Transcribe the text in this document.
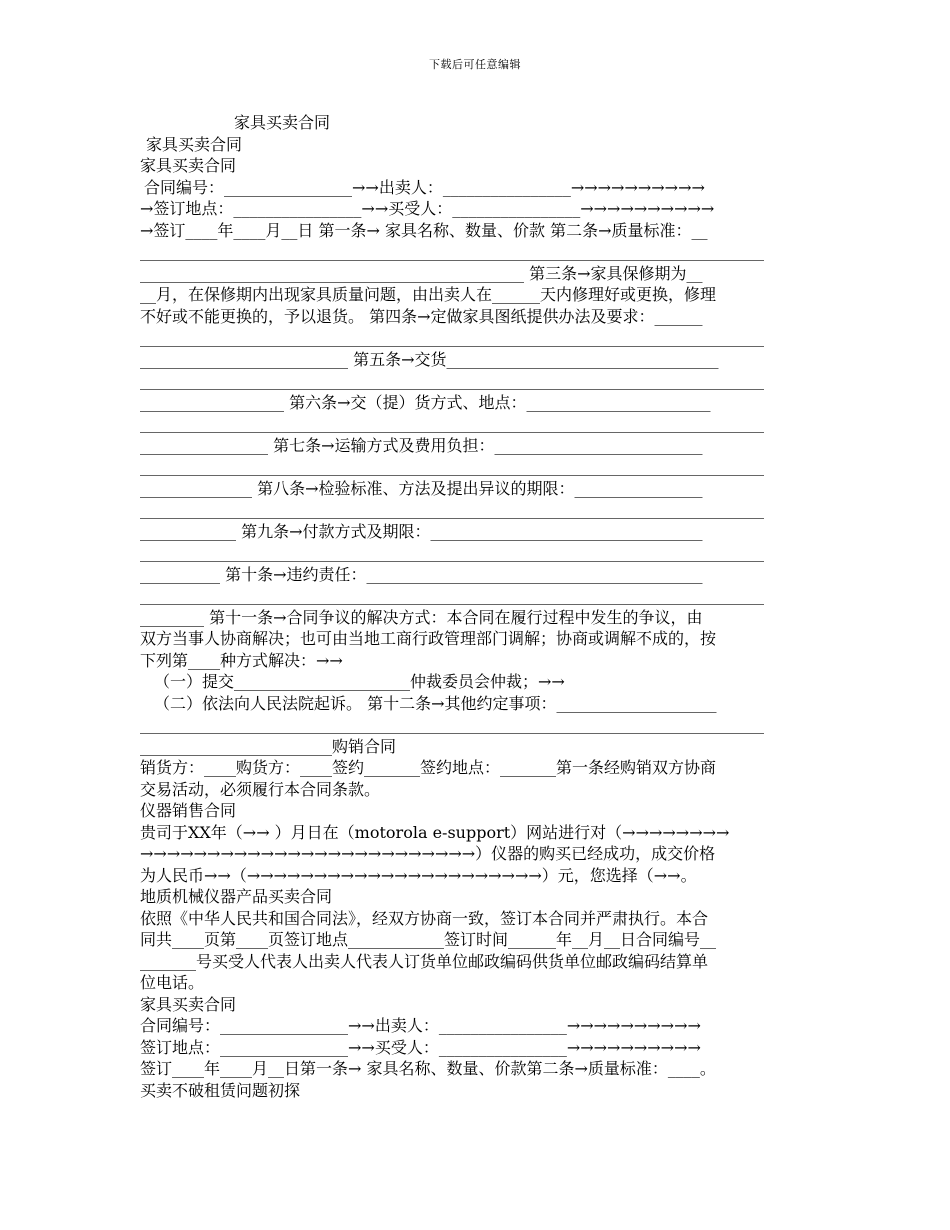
下载后可任意编辑
家具买卖合同
家具买卖合同
家具买卖合同
合同编号：________________→→出卖人：________________→→→→→→→→→→
→签订地点：________________→→买受人：________________→→→→→→→→→→
→签订____年____月__日 第一条→ 家具名称、数量、价款 第二条→质量标准：__
______________________________________________________________________________
________________________________________________ 第三条→家具保修期为__
__月，在保修期内出现家具质量问题，由出卖人在______天内修理好或更换，修理
不好或不能更换的，予以退货。 第四条→定做家具图纸提供办法及要求：______
______________________________________________________________________________
__________________________ 第五条→交货__________________________________
______________________________________________________________________________
__________________ 第六条→交（提）货方式、地点：_______________________
______________________________________________________________________________
________________ 第七条→运输方式及费用负担：__________________________
______________________________________________________________________________
______________ 第八条→检验标准、方法及提出异议的期限：________________
______________________________________________________________________________
____________ 第九条→付款方式及期限：__________________________________
______________________________________________________________________________
__________ 第十条→违约责任：__________________________________________
______________________________________________________________________________
________ 第十一条→合同争议的解决方式：本合同在履行过程中发生的争议，由
双方当事人协商解决；也可由当地工商行政管理部门调解；协商或调解不成的，按
下列第____种方式解决：→→
（一）提交______________________仲裁委员会仲裁；→→
（二）依法向人民法院起诉。 第十二条→其他约定事项：____________________
______________________________________________________________________________
________________________购销合同
销货方：____购货方：____签约_______签约地点：_______第一条经购销双方协商
交易活动，必须履行本合同条款。
仪器销售合同
贵司于XX年（→→ ）月日在（motorola e-support）网站进行对（→→→→→→→→
→→→→→→→→→→→→→→→→→→→→→→→→→）仪器的购买已经成功，成交价格
为人民币→→（→→→→→→→→→→→→→→→→→→→→→→）元，您选择（→→。
地质机械仪器产品买卖合同
依照《中华人民共和国合同法》，经双方协商一致，签订本合同并严肃执行。本合
同共____页第____页签订地点____________签订时间______年__月__日合同编号__
_______号买受人代表人出卖人代表人订货单位邮政编码供货单位邮政编码结算单
位电话。
家具买卖合同
合同编号：________________→→出卖人：________________→→→→→→→→→→
签订地点：________________→→买受人：________________→→→→→→→→→→
签订____年____月__日第一条→ 家具名称、数量、价款第二条→质量标准：____。
买卖不破租赁问题初探
